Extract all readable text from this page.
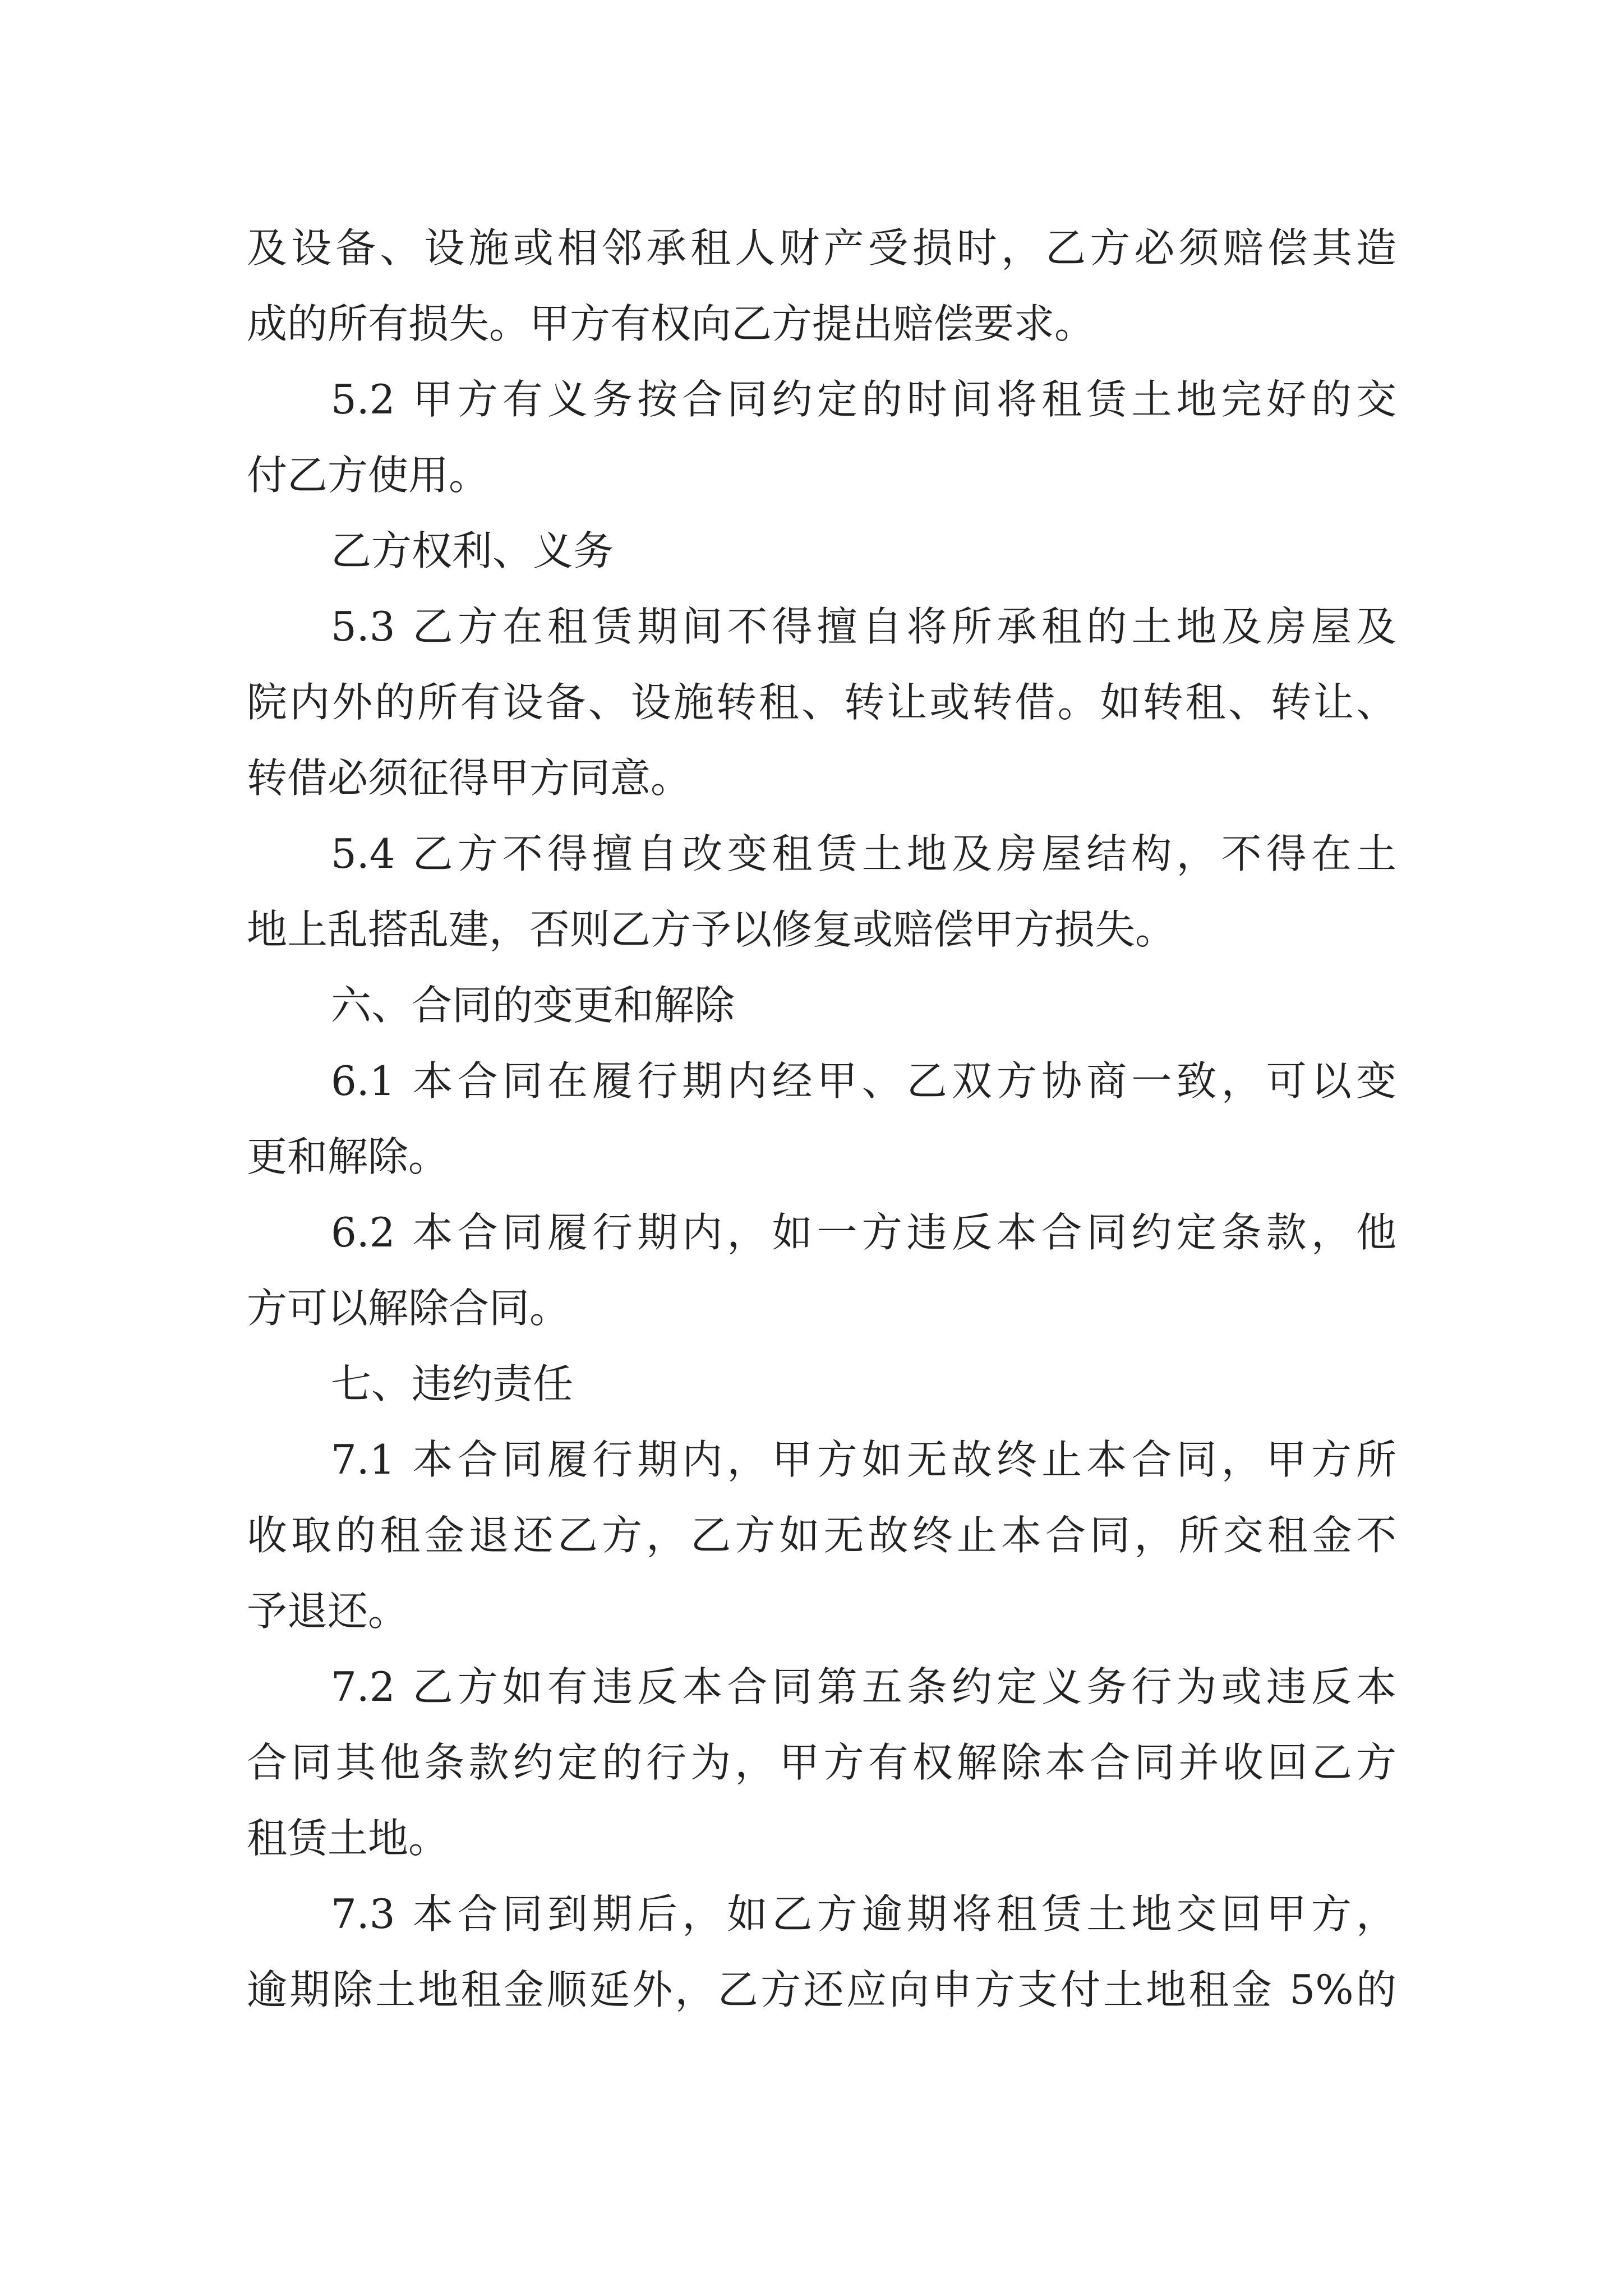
及设备、设施或相邻承租人财产受损时，乙方必须赔偿其造
成的所有损失。甲方有权向乙方提出赔偿要求。
5.2 甲方有义务按合同约定的时间将租赁土地完好的交
付乙方使用。
乙方权利、义务
5.3 乙方在租赁期间不得擅自将所承租的土地及房屋及
院内外的所有设备、设施转租、转让或转借。如转租、转让、
转借必须征得甲方同意。
5.4 乙方不得擅自改变租赁土地及房屋结构，不得在土
地上乱搭乱建，否则乙方予以修复或赔偿甲方损失。
六、合同的变更和解除
6.1 本合同在履行期内经甲、乙双方协商一致，可以变
更和解除。
6.2 本合同履行期内，如一方违反本合同约定条款，他
方可以解除合同。
七、违约责任
7.1 本合同履行期内，甲方如无故终止本合同，甲方所
收取的租金退还乙方，乙方如无故终止本合同，所交租金不
予退还。
7.2 乙方如有违反本合同第五条约定义务行为或违反本
合同其他条款约定的行为，甲方有权解除本合同并收回乙方
租赁土地。
7.3 本合同到期后，如乙方逾期将租赁土地交回甲方，
逾期除土地租金顺延外，乙方还应向申方支付土地租金 5%的
